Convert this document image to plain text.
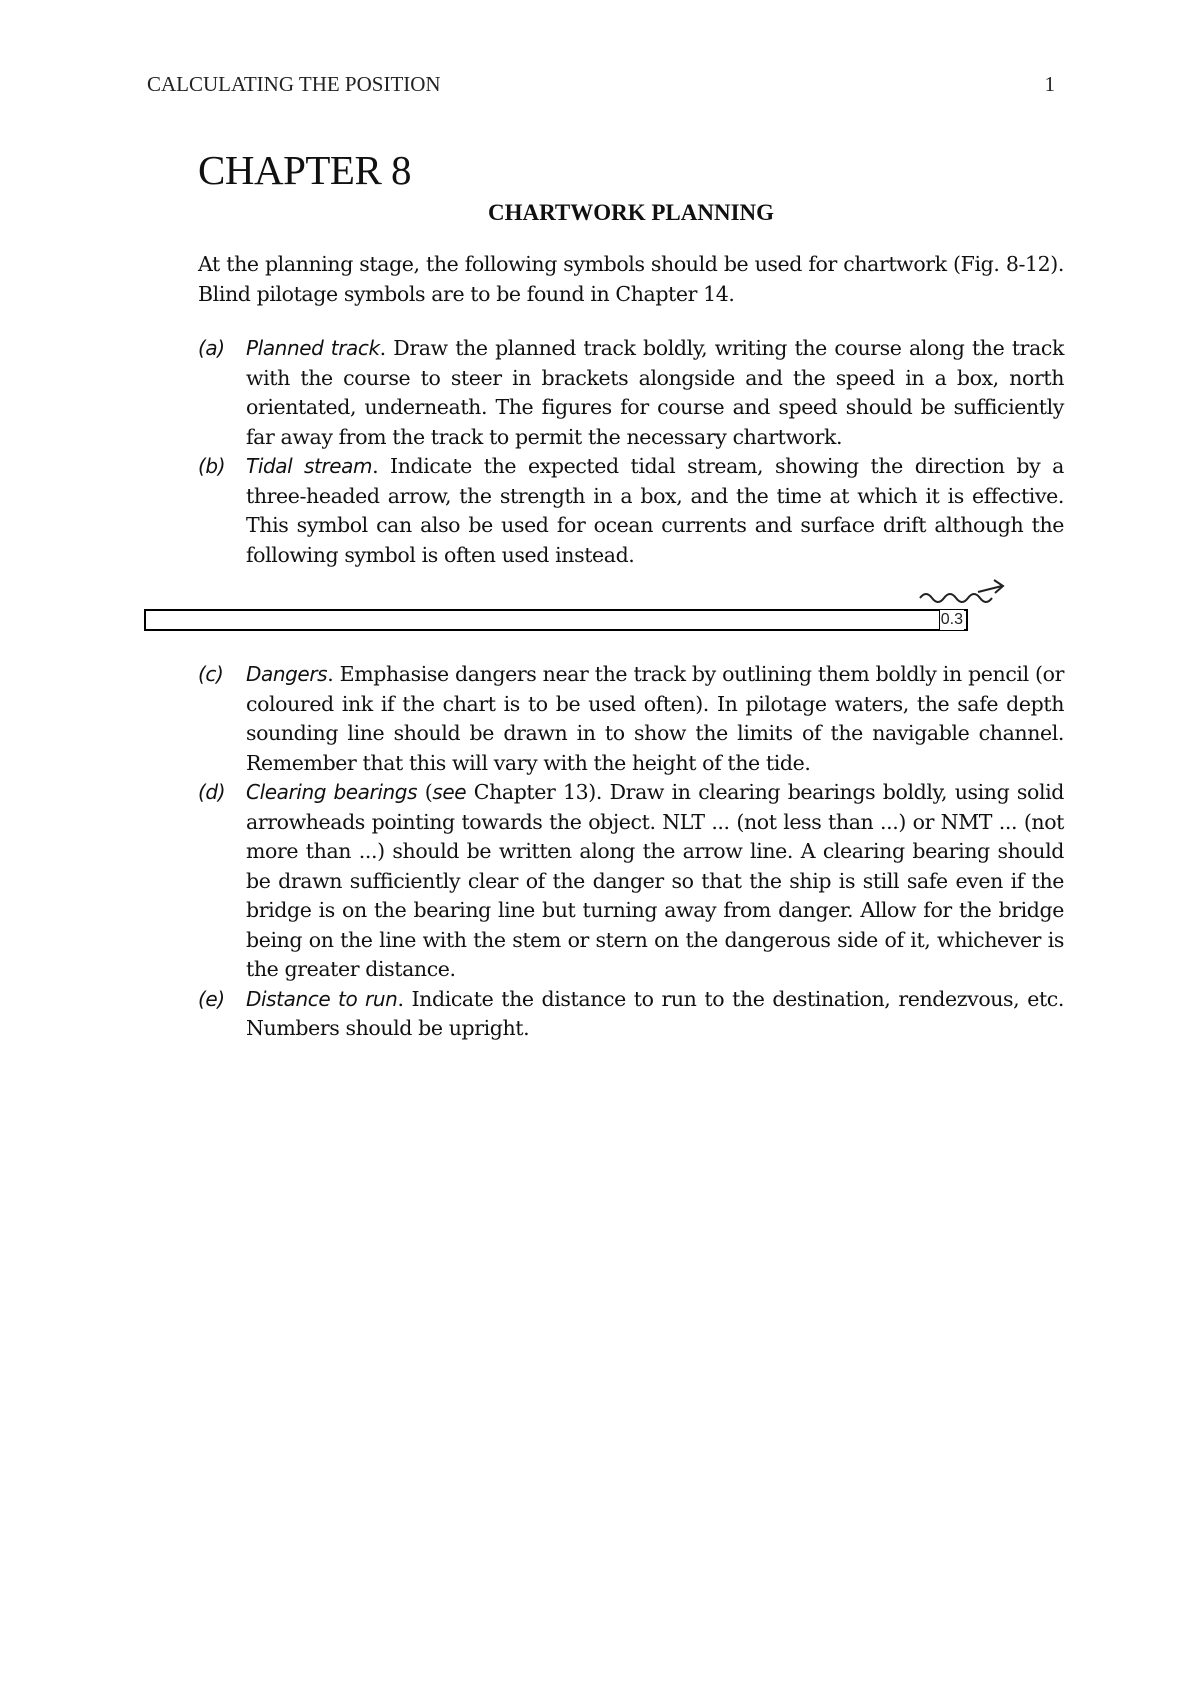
CALCULATING THE POSITION	1
CHAPTER 8
CHARTWORK PLANNING
At the planning stage, the following symbols should be used for chartwork (Fig. 8-12). Blind pilotage symbols are to be found in Chapter 14.
(a)	Planned track. Draw the planned track boldly, writing the course along the track with the course to steer in brackets alongside and the speed in a box, north orientated, underneath. The figures for course and speed should be sufficiently far away from the track to permit the necessary chartwork.
(b)	Tidal stream. Indicate the expected tidal stream, showing the direction by a three-headed arrow, the strength in a box, and the time at which it is effective. This symbol can also be used for ocean currents and surface drift although the following symbol is often used instead.
0.3
(c)	Dangers. Emphasise dangers near the track by outlining them boldly in pencil (or coloured ink if the chart is to be used often). In pilotage waters, the safe depth sounding line should be drawn in to show the limits of the navigable channel. Remember that this will vary with the height of the tide.
(d)	Clearing bearings (see Chapter 13). Draw in clearing bearings boldly, using solid arrowheads pointing towards the object. NLT ... (not less than ...) or NMT ... (not more than ...) should be written along the arrow line. A clearing bearing should be drawn sufficiently clear of the danger so that the ship is still safe even if the bridge is on the bearing line but turning away from danger. Allow for the bridge being on the line with the stem or stern on the dangerous side of it, whichever is the greater distance.
(e)	Distance to run. Indicate the distance to run to the destination, rendezvous, etc. Numbers should be upright.
